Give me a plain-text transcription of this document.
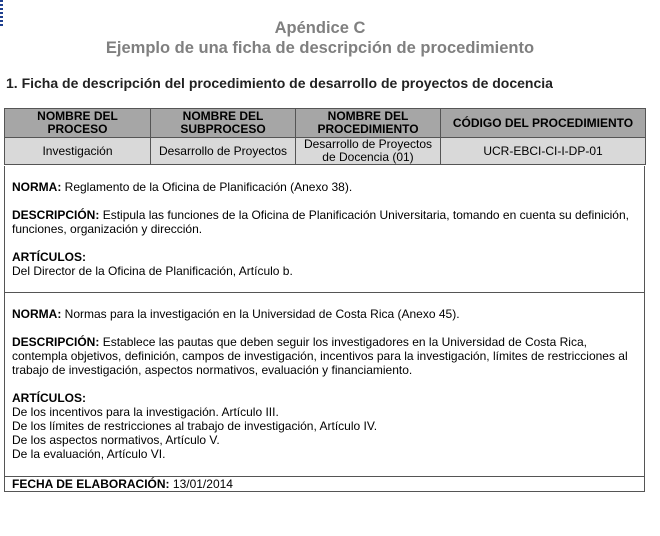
Apéndice C
Ejemplo de una ficha de descripción de procedimiento
1. Ficha de descripción del procedimiento de desarrollo de proyectos de docencia
NOMBRE DEL PROCESO	NOMBRE DEL SUBPROCESO	NOMBRE DEL PROCEDIMIENTO	CÓDIGO DEL PROCEDIMIENTO
Investigación	Desarrollo de Proyectos	Desarrollo de Proyectos de Docencia (01)	UCR-EBCI-CI-I-DP-01

NORMA: Reglamento de la Oficina de Planificación (Anexo 38).

DESCRIPCIÓN: Estipula las funciones de la Oficina de Planificación Universitaria, tomando en cuenta su definición, funciones, organización y dirección.

ARTÍCULOS:

Del Director de la Oficina de Planificación, Artículo b.

NORMA: Normas para la investigación en la Universidad de Costa Rica (Anexo 45).

DESCRIPCIÓN: Establece las pautas que deben seguir los investigadores en la Universidad de Costa Rica, contempla objetivos, definición, campos de investigación, incentivos para la investigación, límites de restricciones al trabajo de investigación, aspectos normativos, evaluación y financiamiento.

ARTÍCULOS:

De los incentivos para la investigación. Artículo III.

De los límites de restricciones al trabajo de investigación, Artículo IV.

De los aspectos normativos, Artículo V.

De la evaluación, Artículo VI.

FECHA DE ELABORACIÓN: 13/01/2014
